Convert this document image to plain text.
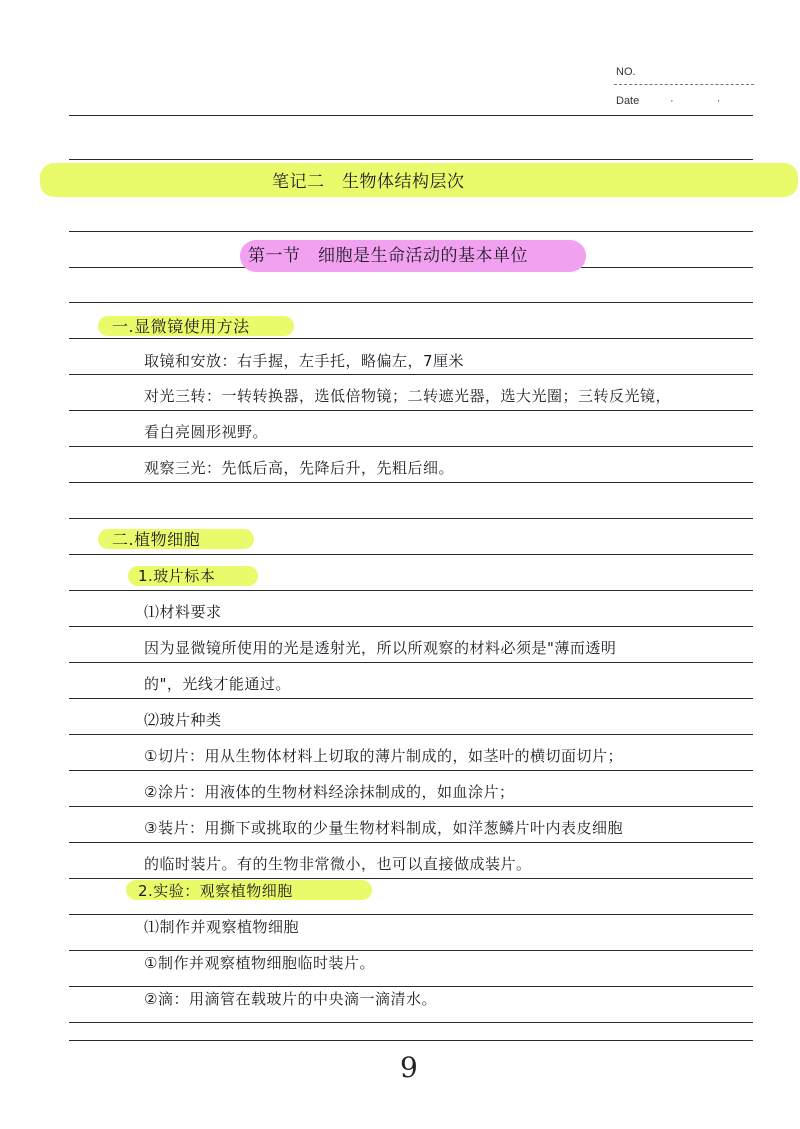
NO.
Date	· ·
笔记二　生物体结构层次
第一节　细胞是生命活动的基本单位
一.显微镜使用方法
取镜和安放：右手握，左手托，略偏左，7厘米
对光三转：一转转换器，选低倍物镜；二转遮光器，选大光圈；三转反光镜，
看白亮圆形视野。
观察三光：先低后高，先降后升，先粗后细。
二.植物细胞
1.玻片标本
⑴材料要求
因为显微镜所使用的光是透射光，所以所观察的材料必须是"薄而透明
的"，光线才能通过。
⑵玻片种类
①切片：用从生物体材料上切取的薄片制成的，如茎叶的横切面切片；
②涂片：用液体的生物材料经涂抹制成的，如血涂片；
③装片：用撕下或挑取的少量生物材料制成，如洋葱鳞片叶内表皮细胞
的临时装片。有的生物非常微小，也可以直接做成装片。
2.实验：观察植物细胞
⑴制作并观察植物细胞
①制作并观察植物细胞临时装片。
②滴：用滴管在载玻片的中央滴一滴清水。
9
